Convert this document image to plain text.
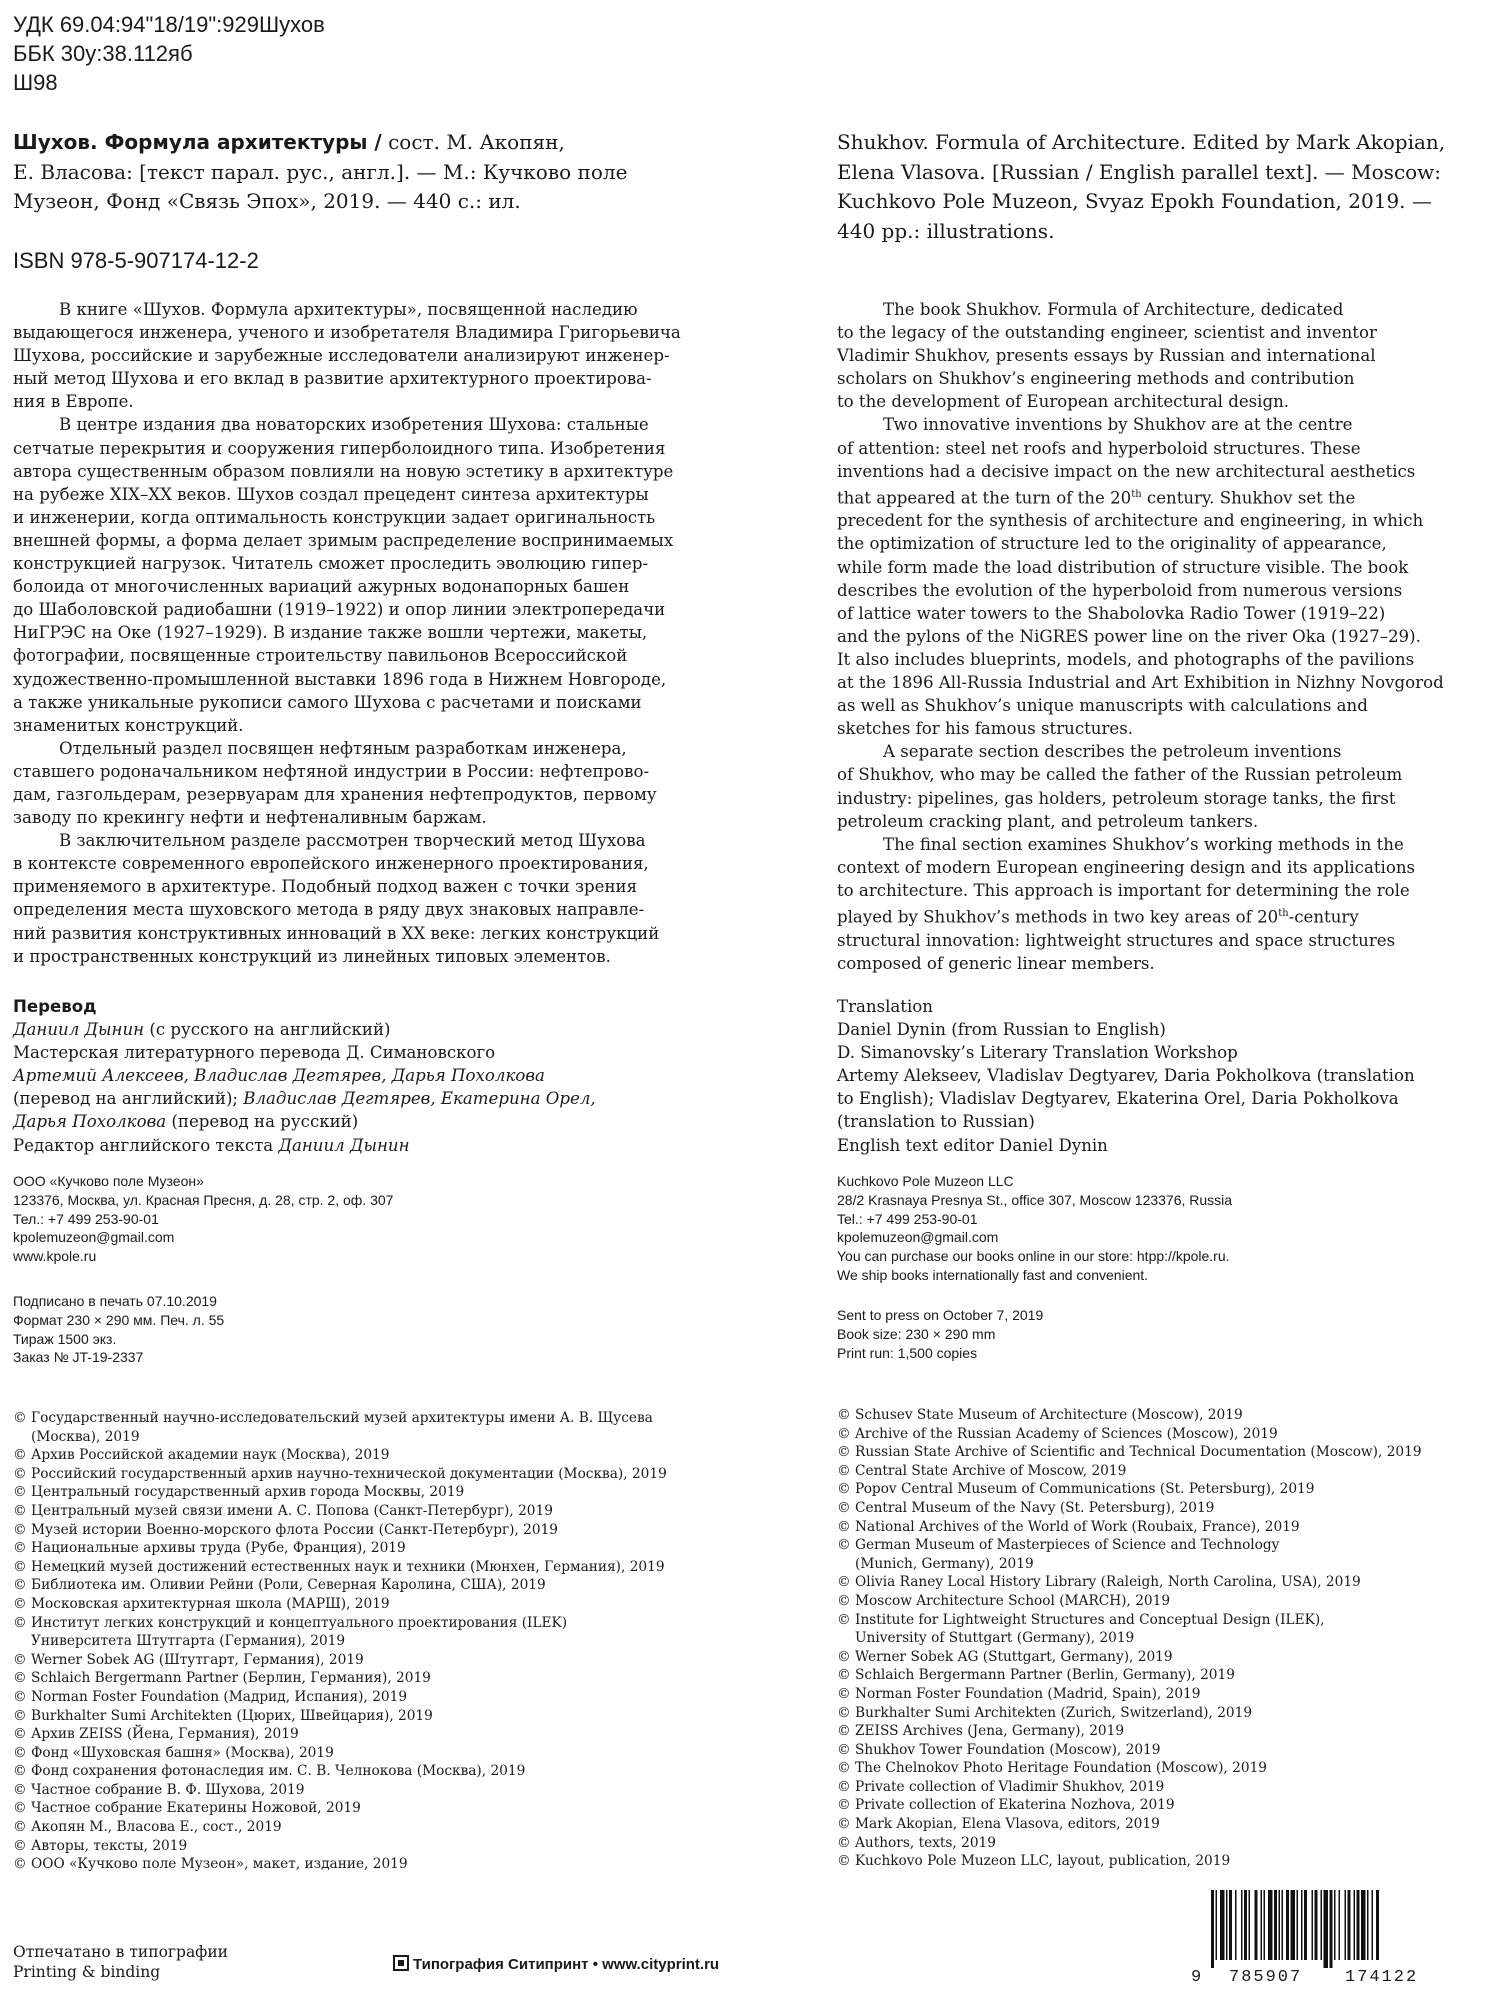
УДК 69.04:94"18/19":929Шухов
ББК 30у:38.112яб
Ш98
Шухов. Формула архитектуры / сост. М. Акопян,
Е. Власова: [текст парал. рус., англ.]. — М.: Кучково поле
Музеон, Фонд «Связь Эпох», 2019. — 440 с.: ил.
ISBN 978-5-907174-12-2
Shukhov. Formula of Architecture. Edited by Mark Akopian,
Elena Vlasova. [Russian / English parallel text]. — Moscow:
Kuchkovo Pole Muzeon, Svyaz Epokh Foundation, 2019. —
440 pp.: illustrations.
В книге «Шухов. Формула архитектуры», посвященной наследию
выдающегося инженера, ученого и изобретателя Владимира Григорьевича
Шухова, российские и зарубежные исследователи анализируют инженер-
ный метод Шухова и его вклад в развитие архитектурного проектирова-
ния в Европе.
В центре издания два новаторских изобретения Шухова: стальные
сетчатые перекрытия и сооружения гиперболоидного типа. Изобретения
автора существенным образом повлияли на новую эстетику в архитектуре
на рубеже XIX–XX веков. Шухов создал прецедент синтеза архитектуры
и инженерии, когда оптимальность конструкции задает оригинальность
внешней формы, а форма делает зримым распределение воспринимаемых
конструкцией нагрузок. Читатель сможет проследить эволюцию гипер-
болоида от многочисленных вариаций ажурных водонапорных башен
до Шаболовской радиобашни (1919–1922) и опор линии электропередачи
НиГРЭС на Оке (1927–1929). В издание также вошли чертежи, макеты,
фотографии, посвященные строительству павильонов Всероссийской
художественно-промышленной выставки 1896 года в Нижнем Новгороде,
а также уникальные рукописи самого Шухова с расчетами и поисками
знаменитых конструкций.
Отдельный раздел посвящен нефтяным разработкам инженера,
ставшего родоначальником нефтяной индустрии в России: нефтепрово-
дам, газгольдерам, резервуарам для хранения нефтепродуктов, первому
заводу по крекингу нефти и нефтеналивным баржам.
В заключительном разделе рассмотрен творческий метод Шухова
в контексте современного европейского инженерного проектирования,
применяемого в архитектуре. Подобный подход важен с точки зрения
определения места шуховского метода в ряду двух знаковых направле-
ний развития конструктивных инноваций в XX веке: легких конструкций
и пространственных конструкций из линейных типовых элементов.
The book Shukhov. Formula of Architecture, dedicated
to the legacy of the outstanding engineer, scientist and inventor
Vladimir Shukhov, presents essays by Russian and international
scholars on Shukhov’s engineering methods and contribution
to the development of European architectural design.
Two innovative inventions by Shukhov are at the centre
of attention: steel net roofs and hyperboloid structures. These
inventions had a decisive impact on the new architectural aesthetics
that appeared at the turn of the 20th century. Shukhov set the
precedent for the synthesis of architecture and engineering, in which
the optimization of structure led to the originality of appearance,
while form made the load distribution of structure visible. The book
describes the evolution of the hyperboloid from numerous versions
of lattice water towers to the Shabolovka Radio Tower (1919–22)
and the pylons of the NiGRES power line on the river Oka (1927–29).
It also includes blueprints, models, and photographs of the pavilions
at the 1896 All-Russia Industrial and Art Exhibition in Nizhny Novgorod
as well as Shukhov’s unique manuscripts with calculations and
sketches for his famous structures.
A separate section describes the petroleum inventions
of Shukhov, who may be called the father of the Russian petroleum
industry: pipelines, gas holders, petroleum storage tanks, the first
petroleum cracking plant, and petroleum tankers.
The final section examines Shukhov’s working methods in the
context of modern European engineering design and its applications
to architecture. This approach is important for determining the role
played by Shukhov’s methods in two key areas of 20th-century
structural innovation: lightweight structures and space structures
composed of generic linear members.
Перевод
Даниил Дынин (с русского на английский)
Мастерская литературного перевода Д. Симановского
Артемий Алексеев, Владислав Дегтярев, Дарья Похолкова
(перевод на английский); Владислав Дегтярев, Екатерина Орел,
Дарья Похолкова (перевод на русский)
Редактор английского текста Даниил Дынин
Translation
Daniel Dynin (from Russian to English)
D. Simanovsky’s Literary Translation Workshop
Artemy Alekseev, Vladislav Degtyarev, Daria Pokholkova (translation
to English); Vladislav Degtyarev, Ekaterina Orel, Daria Pokholkova
(translation to Russian)
English text editor Daniel Dynin
ООО «Кучково поле Музеон»
123376, Москва, ул. Красная Пресня, д. 28, стр. 2, оф. 307
Тел.: +7 499 253-90-01
kpolemuzeon@gmail.com
www.kpole.ru
Kuchkovo Pole Muzeon LLC
28/2 Krasnaya Presnya St., office 307, Moscow 123376, Russia
Tel.: +7 499 253-90-01
kpolemuzeon@gmail.com
You can purchase our books online in our store: htpp://kpole.ru.
We ship books internationally fast and convenient.
Подписано в печать 07.10.2019
Формат 230 × 290 мм. Печ. л. 55
Тираж 1500 экз.
Заказ № JT-19-2337
Sent to press on October 7, 2019
Book size: 230 × 290 mm
Print run: 1,500 copies
© Государственный научно-исследовательский музей архитектуры имени А. В. Щусева
(Москва), 2019
© Архив Российской академии наук (Москва), 2019
© Российский государственный архив научно-технической документации (Москва), 2019
© Центральный государственный архив города Москвы, 2019
© Центральный музей связи имени А. С. Попова (Санкт-Петербург), 2019
© Музей истории Военно-морского флота России (Санкт-Петербург), 2019
© Национальные архивы труда (Рубе, Франция), 2019
© Немецкий музей достижений естественных наук и техники (Мюнхен, Германия), 2019
© Библиотека им. Оливии Рейни (Роли, Северная Каролина, США), 2019
© Московская архитектурная школа (МАРШ), 2019
© Институт легких конструкций и концептуального проектирования (ILEK)
Университета Штутгарта (Германия), 2019
© Werner Sobek AG (Штутгарт, Германия), 2019
© Schlaich Bergermann Partner (Берлин, Германия), 2019
© Norman Foster Foundation (Мадрид, Испания), 2019
© Burkhalter Sumi Architekten (Цюрих, Швейцария), 2019
© Архив ZEISS (Йена, Германия), 2019
© Фонд «Шуховская башня» (Москва), 2019
© Фонд сохранения фотонаследия им. С. В. Челнокова (Москва), 2019
© Частное собрание В. Ф. Шухова, 2019
© Частное собрание Екатерины Ножовой, 2019
© Акопян М., Власова Е., сост., 2019
© Авторы, тексты, 2019
© ООО «Кучково поле Музеон», макет, издание, 2019
© Schusev State Museum of Architecture (Moscow), 2019
© Archive of the Russian Academy of Sciences (Moscow), 2019
© Russian State Archive of Scientific and Technical Documentation (Moscow), 2019
© Central State Archive of Moscow, 2019
© Popov Central Museum of Communications (St. Petersburg), 2019
© Central Museum of the Navy (St. Petersburg), 2019
© National Archives of the World of Work (Roubaix, France), 2019
© German Museum of Masterpieces of Science and Technology
(Munich, Germany), 2019
© Olivia Raney Local History Library (Raleigh, North Carolina, USA), 2019
© Moscow Architecture School (MARCH), 2019
© Institute for Lightweight Structures and Conceptual Design (ILEK),
University of Stuttgart (Germany), 2019
© Werner Sobek AG (Stuttgart, Germany), 2019
© Schlaich Bergermann Partner (Berlin, Germany), 2019
© Norman Foster Foundation (Madrid, Spain), 2019
© Burkhalter Sumi Architekten (Zurich, Switzerland), 2019
© ZEISS Archives (Jena, Germany), 2019
© Shukhov Tower Foundation (Moscow), 2019
© The Chelnokov Photo Heritage Foundation (Moscow), 2019
© Private collection of Vladimir Shukhov, 2019
© Private collection of Ekaterina Nozhova, 2019
© Mark Akopian, Elena Vlasova, editors, 2019
© Authors, texts, 2019
© Kuchkovo Pole Muzeon LLC, layout, publication, 2019
Отпечатано в типографии
Printing & binding	Типография Ситипринт • www.cityprint.ru
9 785907	174122
